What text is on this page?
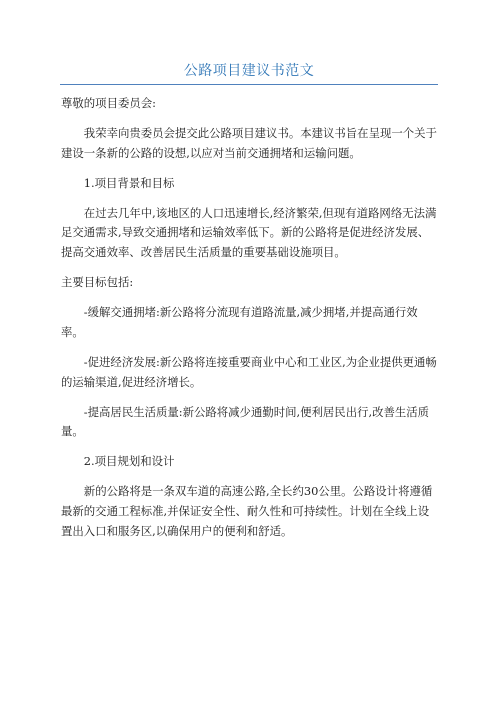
公路项目建议书范文

尊敬的项目委员会:

我荣幸向贵委员会提交此公路项目建议书。本建议书旨在呈现一个关于建设一条新的公路的设想,以应对当前交通拥堵和运输问题。

1.项目背景和目标

在过去几年中,该地区的人口迅速增长,经济繁荣,但现有道路网络无法满足交通需求,导致交通拥堵和运输效率低下。新的公路将是促进经济发展、提高交通效率、改善居民生活质量的重要基础设施项目。

主要目标包括:

-缓解交通拥堵:新公路将分流现有道路流量,减少拥堵,并提高通行效率。

-促进经济发展:新公路将连接重要商业中心和工业区,为企业提供更通畅的运输渠道,促进经济增长。

-提高居民生活质量:新公路将减少通勤时间,便利居民出行,改善生活质量。

2.项目规划和设计

新的公路将是一条双车道的高速公路,全长约30公里。公路设计将遵循最新的交通工程标准,并保证安全性、耐久性和可持续性。计划在全线上设置出入口和服务区,以确保用户的便利和舒适。
